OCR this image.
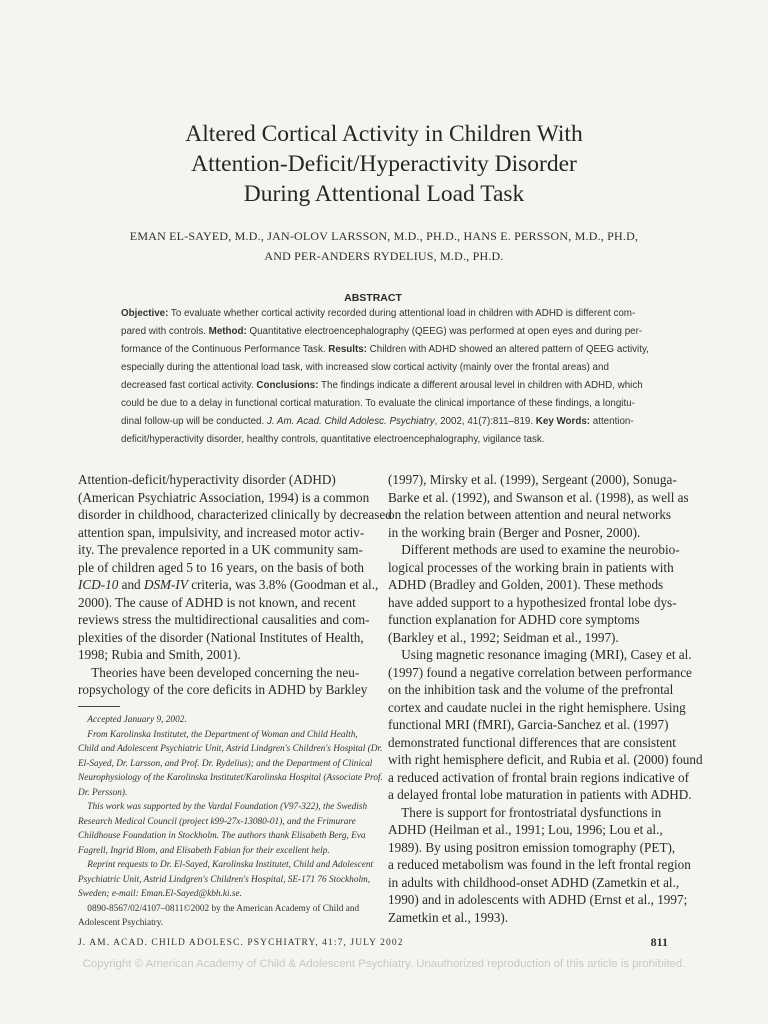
Altered Cortical Activity in Children With
Attention-Deficit/Hyperactivity Disorder
During Attentional Load Task
EMAN EL-SAYED, M.D., JAN-OLOV LARSSON, M.D., PH.D., HANS E. PERSSON, M.D., PH.D,
AND PER-ANDERS RYDELIUS, M.D., PH.D.
ABSTRACT
Objective: To evaluate whether cortical activity recorded during attentional load in children with ADHD is different com-
pared with controls. Method: Quantitative electroencephalography (QEEG) was performed at open eyes and during per-
formance of the Continuous Performance Task. Results: Children with ADHD showed an altered pattern of QEEG activity,
especially during the attentional load task, with increased slow cortical activity (mainly over the frontal areas) and
decreased fast cortical activity. Conclusions: The findings indicate a different arousal level in children with ADHD, which
could be due to a delay in functional cortical maturation. To evaluate the clinical importance of these findings, a longitu-
dinal follow-up will be conducted. J. Am. Acad. Child Adolesc. Psychiatry, 2002, 41(7):811–819. Key Words: attention-
deficit/hyperactivity disorder, healthy controls, quantitative electroencephalography, vigilance task.
Attention-deficit/hyperactivity disorder (ADHD)
(American Psychiatric Association, 1994) is a common
disorder in childhood, characterized clinically by decreased
attention span, impulsivity, and increased motor activ-
ity. The prevalence reported in a UK community sam-
ple of children aged 5 to 16 years, on the basis of both
ICD-10 and DSM-IV criteria, was 3.8% (Goodman et al.,
2000). The cause of ADHD is not known, and recent
reviews stress the multidirectional causalities and com-
plexities of the disorder (National Institutes of Health,
1998; Rubia and Smith, 2001).
 Theories have been developed concerning the neu-
ropsychology of the core deficits in ADHD by Barkley
 Accepted January 9, 2002.
 From Karolinska Institutet, the Department of Woman and Child Health,
Child and Adolescent Psychiatric Unit, Astrid Lindgren's Children's Hospital (Dr.
El-Sayed, Dr. Larsson, and Prof. Dr. Rydelius); and the Department of Clinical
Neurophysiology of the Karolinska Institutet/Karolinska Hospital (Associate Prof.
Dr. Persson).
 This work was supported by the Vardal Foundation (V97-322), the Swedish
Research Medical Council (project k99-27x-13080-01), and the Frimurare
Childhouse Foundation in Stockholm. The authors thank Elisabeth Berg, Eva
Fagrell, Ingrid Blom, and Elisabeth Fabian for their excellent help.
 Reprint requests to Dr. El-Sayed, Karolinska Institutet, Child and Adolescent
Psychiatric Unit, Astrid Lindgren's Children's Hospital, SE-171 76 Stockholm,
Sweden; e-mail: Eman.El-Sayed@kbh.ki.se.
 0890-8567/02/4107–0811©2002 by the American Academy of Child and
Adolescent Psychiatry.
(1997), Mirsky et al. (1999), Sergeant (2000), Sonuga-
Barke et al. (1992), and Swanson et al. (1998), as well as
on the relation between attention and neural networks
in the working brain (Berger and Posner, 2000).
 Different methods are used to examine the neurobio-
logical processes of the working brain in patients with
ADHD (Bradley and Golden, 2001). These methods
have added support to a hypothesized frontal lobe dys-
function explanation for ADHD core symptoms
(Barkley et al., 1992; Seidman et al., 1997).
 Using magnetic resonance imaging (MRI), Casey et al.
(1997) found a negative correlation between performance
on the inhibition task and the volume of the prefrontal
cortex and caudate nuclei in the right hemisphere. Using
functional MRI (fMRI), Garcia-Sanchez et al. (1997)
demonstrated functional differences that are consistent
with right hemisphere deficit, and Rubia et al. (2000) found
a reduced activation of frontal brain regions indicative of
a delayed frontal lobe maturation in patients with ADHD.
 There is support for frontostriatal dysfunctions in
ADHD (Heilman et al., 1991; Lou, 1996; Lou et al.,
1989). By using positron emission tomography (PET),
a reduced metabolism was found in the left frontal region
in adults with childhood-onset ADHD (Zametkin et al.,
1990) and in adolescents with ADHD (Ernst et al., 1997;
Zametkin et al., 1993).
J. AM. ACAD. CHILD ADOLESC. PSYCHIATRY, 41:7, JULY 2002	811
Copyright © American Academy of Child & Adolescent Psychiatry. Unauthorized reproduction of this article is prohibited.
